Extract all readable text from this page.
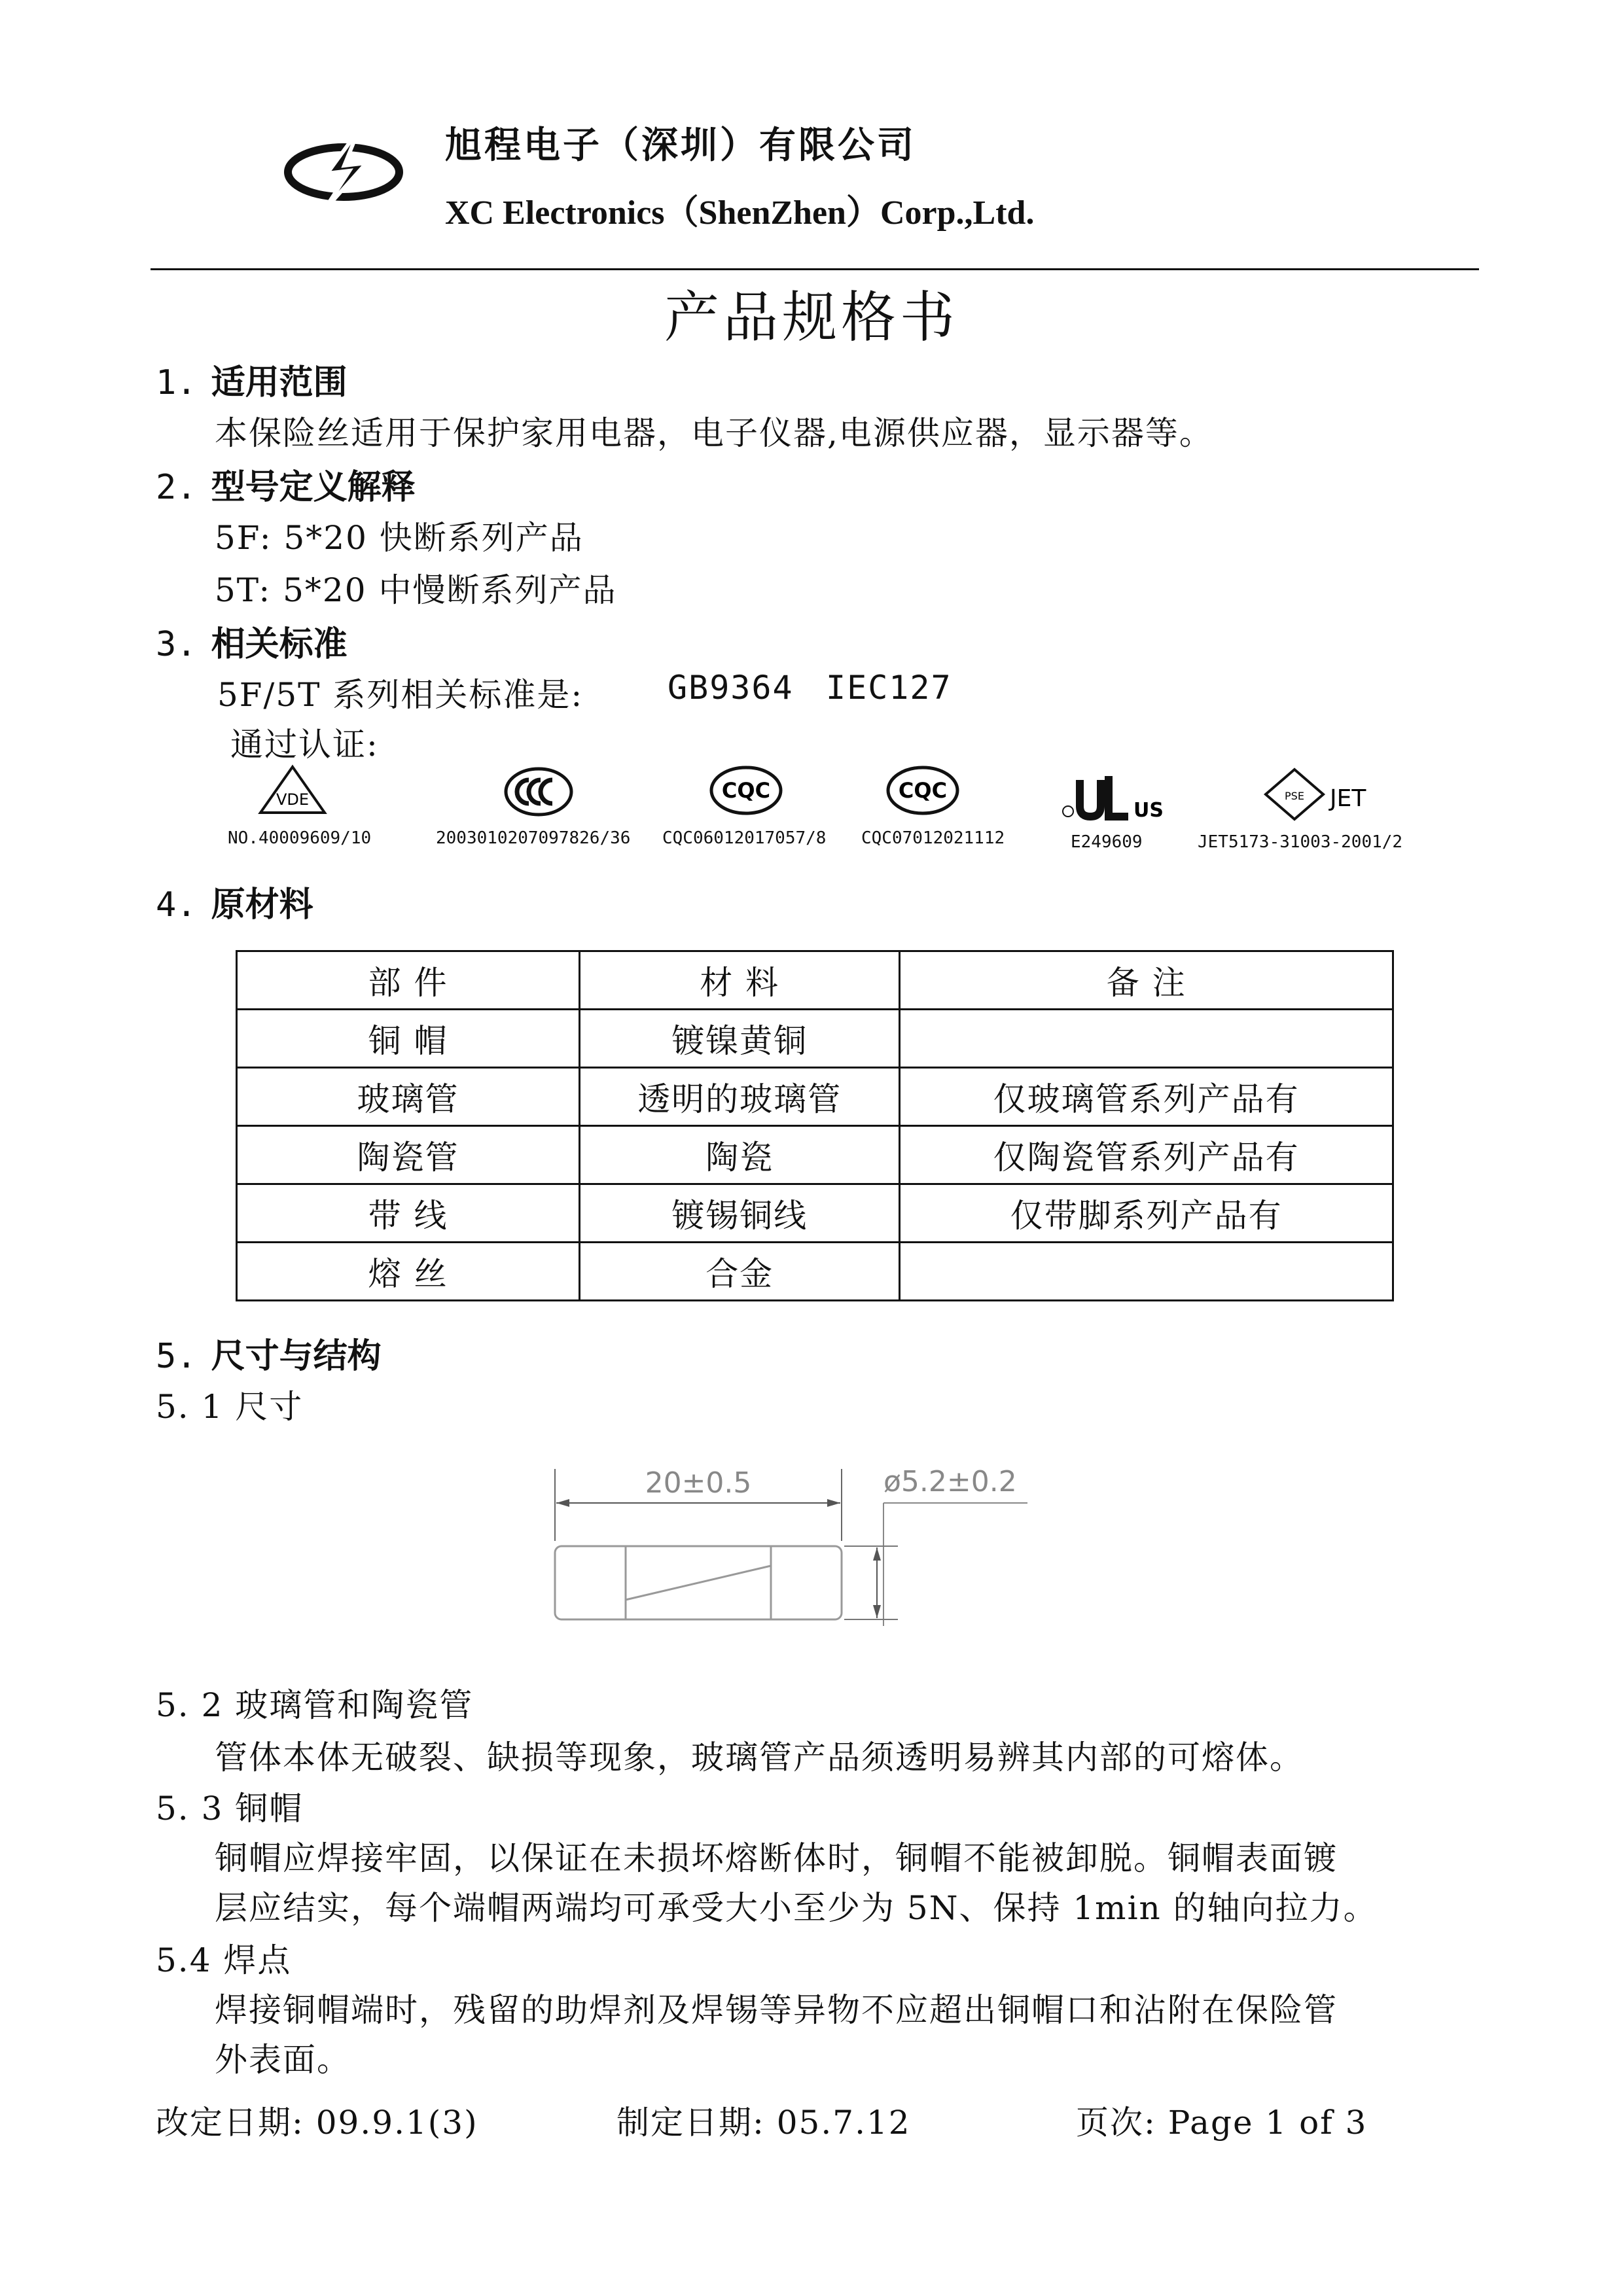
旭程电子（深圳）有限公司
XC Electronics（ShenZhen）Corp.,Ltd.
产品规格书
1. 适用范围
本保险丝适用于保护家用电器，电子仪器,电源供应器，显示器等。
2. 型号定义解释
5F: 5*20 快断系列产品
5T: 5*20 中慢断系列产品
3. 相关标准
5F/5T 系列相关标准是:	GB9364 IEC127
通过认证:
VDE
NO.40009609/10	2003010207097826/36
CQC
CQC06012017057/8
CQC
CQC07012021112
US
E249609
PSE JET
JET5173-31003-2001/2
4. 原材料
部 件	材 料	备 注
铜 帽	镀镍黄铜	
玻璃管	透明的玻璃管	仅玻璃管系列产品有
陶瓷管	陶瓷	仅陶瓷管系列产品有
带 线	镀锡铜线	仅带脚系列产品有
熔 丝	合金	
5. 尺寸与结构
5. 1 尺寸
20±0.5	ø5.2±0.2
5. 2 玻璃管和陶瓷管
管体本体无破裂、缺损等现象，玻璃管产品须透明易辨其内部的可熔体。
5. 3 铜帽
铜帽应焊接牢固，以保证在未损坏熔断体时，铜帽不能被卸脱。铜帽表面镀
层应结实，每个端帽两端均可承受大小至少为 5N、保持 1min 的轴向拉力。
5.4 焊点
焊接铜帽端时，残留的助焊剂及焊锡等异物不应超出铜帽口和沾附在保险管
外表面。
改定日期: 09.9.1(3)	制定日期: 05.7.12	页次: Page 1 of 3
